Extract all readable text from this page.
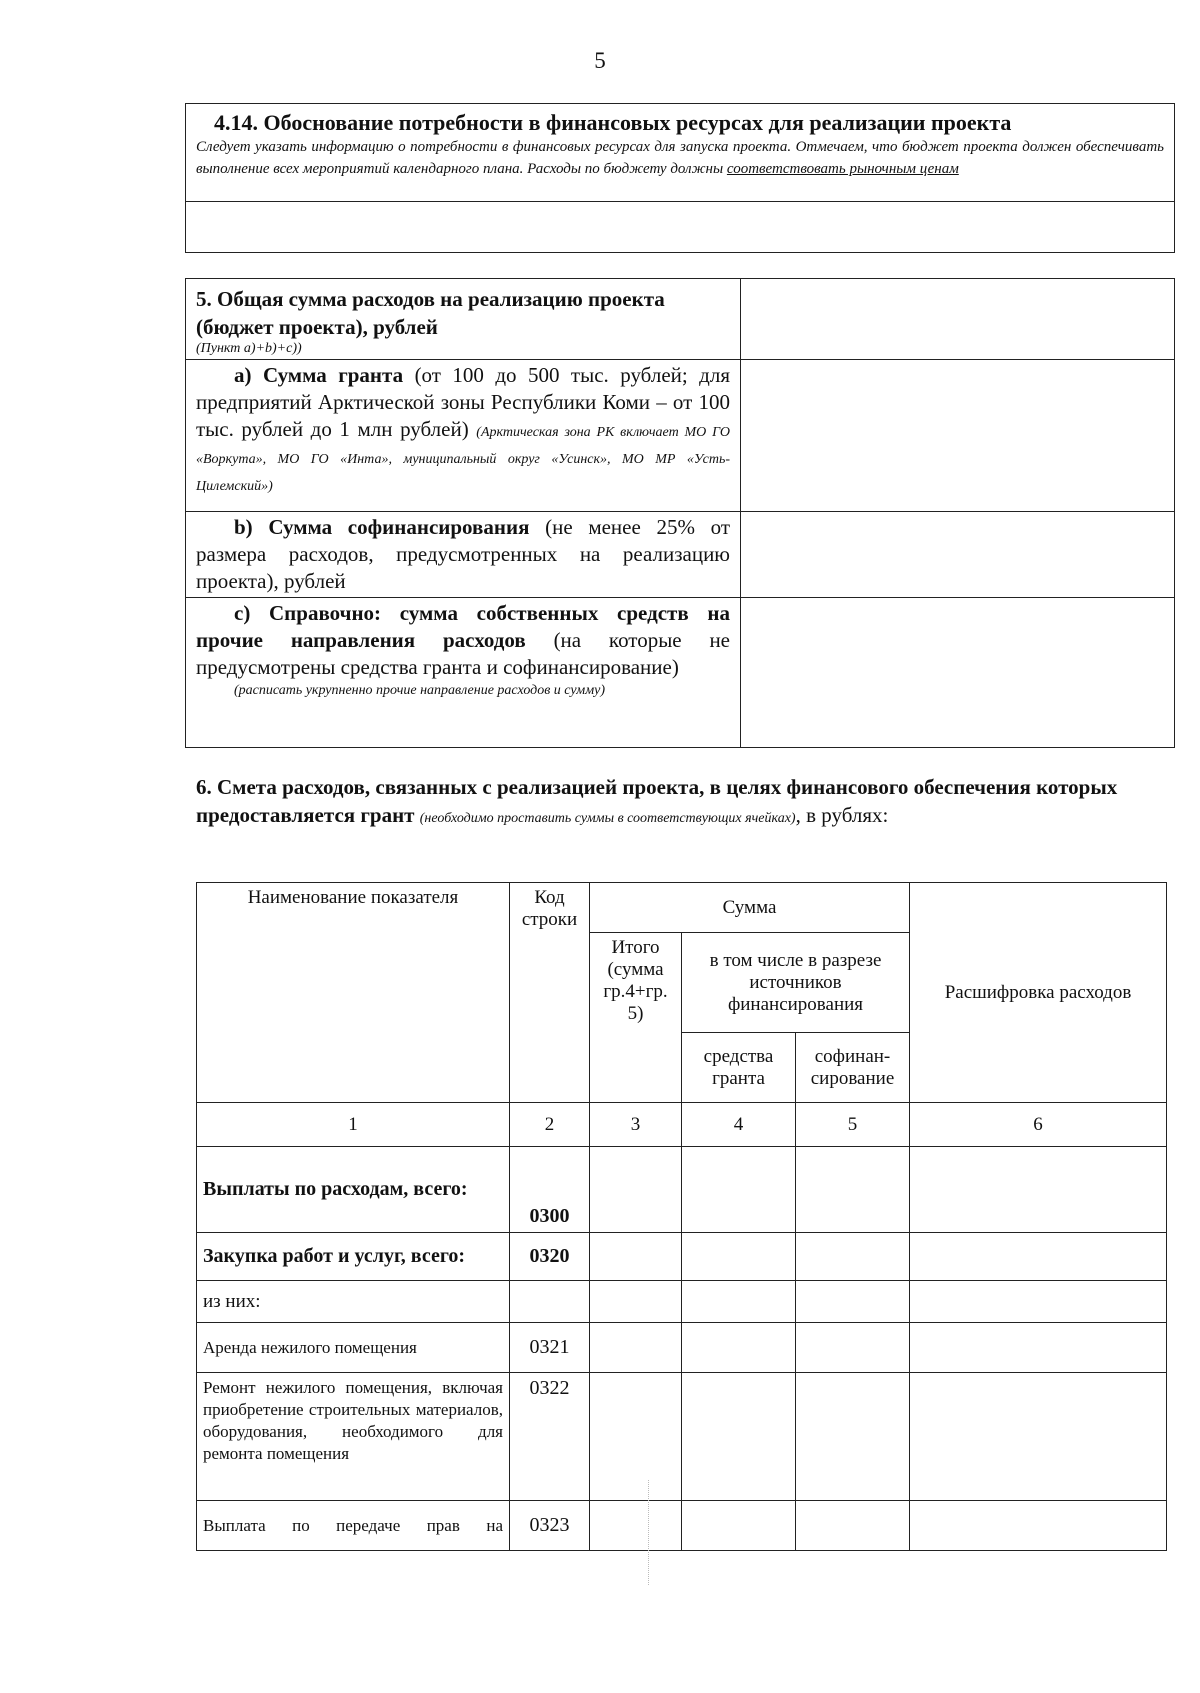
5
4.14. Обоснование потребности в финансовых ресурсах для реализации проекта
Следует указать информацию о потребности в финансовых ресурсах для запуска проекта. Отмечаем, что бюджет проекта должен обеспечивать выполнение всех мероприятий календарного плана. Расходы по бюджету должны соответствовать рыночным ценам
5. Общая сумма расходов на реализацию проекта (бюджет проекта), рублей
(Пункт a)+b)+c))	

а) Сумма гранта (от 100 до 500 тыс. рублей; для предприятий Арктической зоны Республики Коми – от 100 тыс. рублей до 1 млн рублей) (Арктическая зона РК включает МО ГО «Воркута», МО ГО «Инта», муниципальный округ «Усинск», МО МР «Усть-Цилемский»)	

b) Сумма софинансирования (не менее 25% от размера расходов, предусмотренных на реализацию проекта), рублей	

с) Справочно: сумма собственных средств на прочие направления расходов (на которые не предусмотрены средства гранта и софинансирование)
(расписать укрупненно прочие направление расходов и сумму)	

6. Смета расходов, связанных с реализацией проекта, в целях финансового обеспечения которых предоставляется грант (необходимо проставить суммы в соответствующих ячейках), в рублях:
Наименование показателя	Код строки	Сумма			Расшифровка расходов
		Итого (сумма гр.4+гр. 5)	в том числе в разрезе источников финансирования		
			средства гранта	софинан-сирование	
1	2	3	4	5	6
Выплаты по расходам, всего:	0300				
Закупка работ и услуг, всего:	0320				
из них:					
Аренда нежилого помещения	0321				
Ремонт нежилого помещения, включая приобретение строительных материалов, оборудования, необходимого для ремонта помещения	0322				
Выплата по передаче прав на	0323				
